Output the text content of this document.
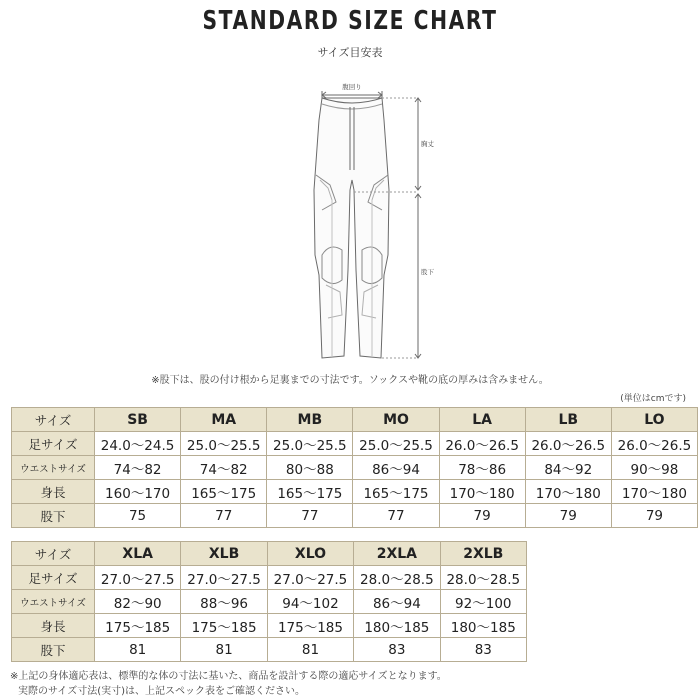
STANDARD SIZE CHART
サイズ目安表
腹回り
胸丈
股下
※股下は、股の付け根から足裏までの寸法です。ソックスや靴の底の厚みは含みません。
(単位はcmです)
サイズ	SB	MA	MB	MO	LA	LB	LO
足サイズ	24.0～24.5	25.0～25.5	25.0～25.5	25.0～25.5	26.0～26.5	26.0～26.5	26.0～26.5
ウエストサイズ	74～82	74～82	80～88	86～94	78～86	84～92	90～98
身長	160～170	165～175	165～175	165～175	170～180	170～180	170～180
股下	75	77	77	77	79	79	79
サイズ	XLA	XLB	XLO	2XLA	2XLB
足サイズ	27.0～27.5	27.0～27.5	27.0～27.5	28.0～28.5	28.0～28.5
ウエストサイズ	82～90	88～96	94～102	86～94	92～100
身長	175～185	175～185	175～185	180～185	180～185
股下	81	81	81	83	83
※上記の身体適応表は、標準的な体の寸法に基いた、商品を設計する際の適応サイズとなります。
実際のサイズ寸法(実寸)は、上記スペック表をご確認ください。
